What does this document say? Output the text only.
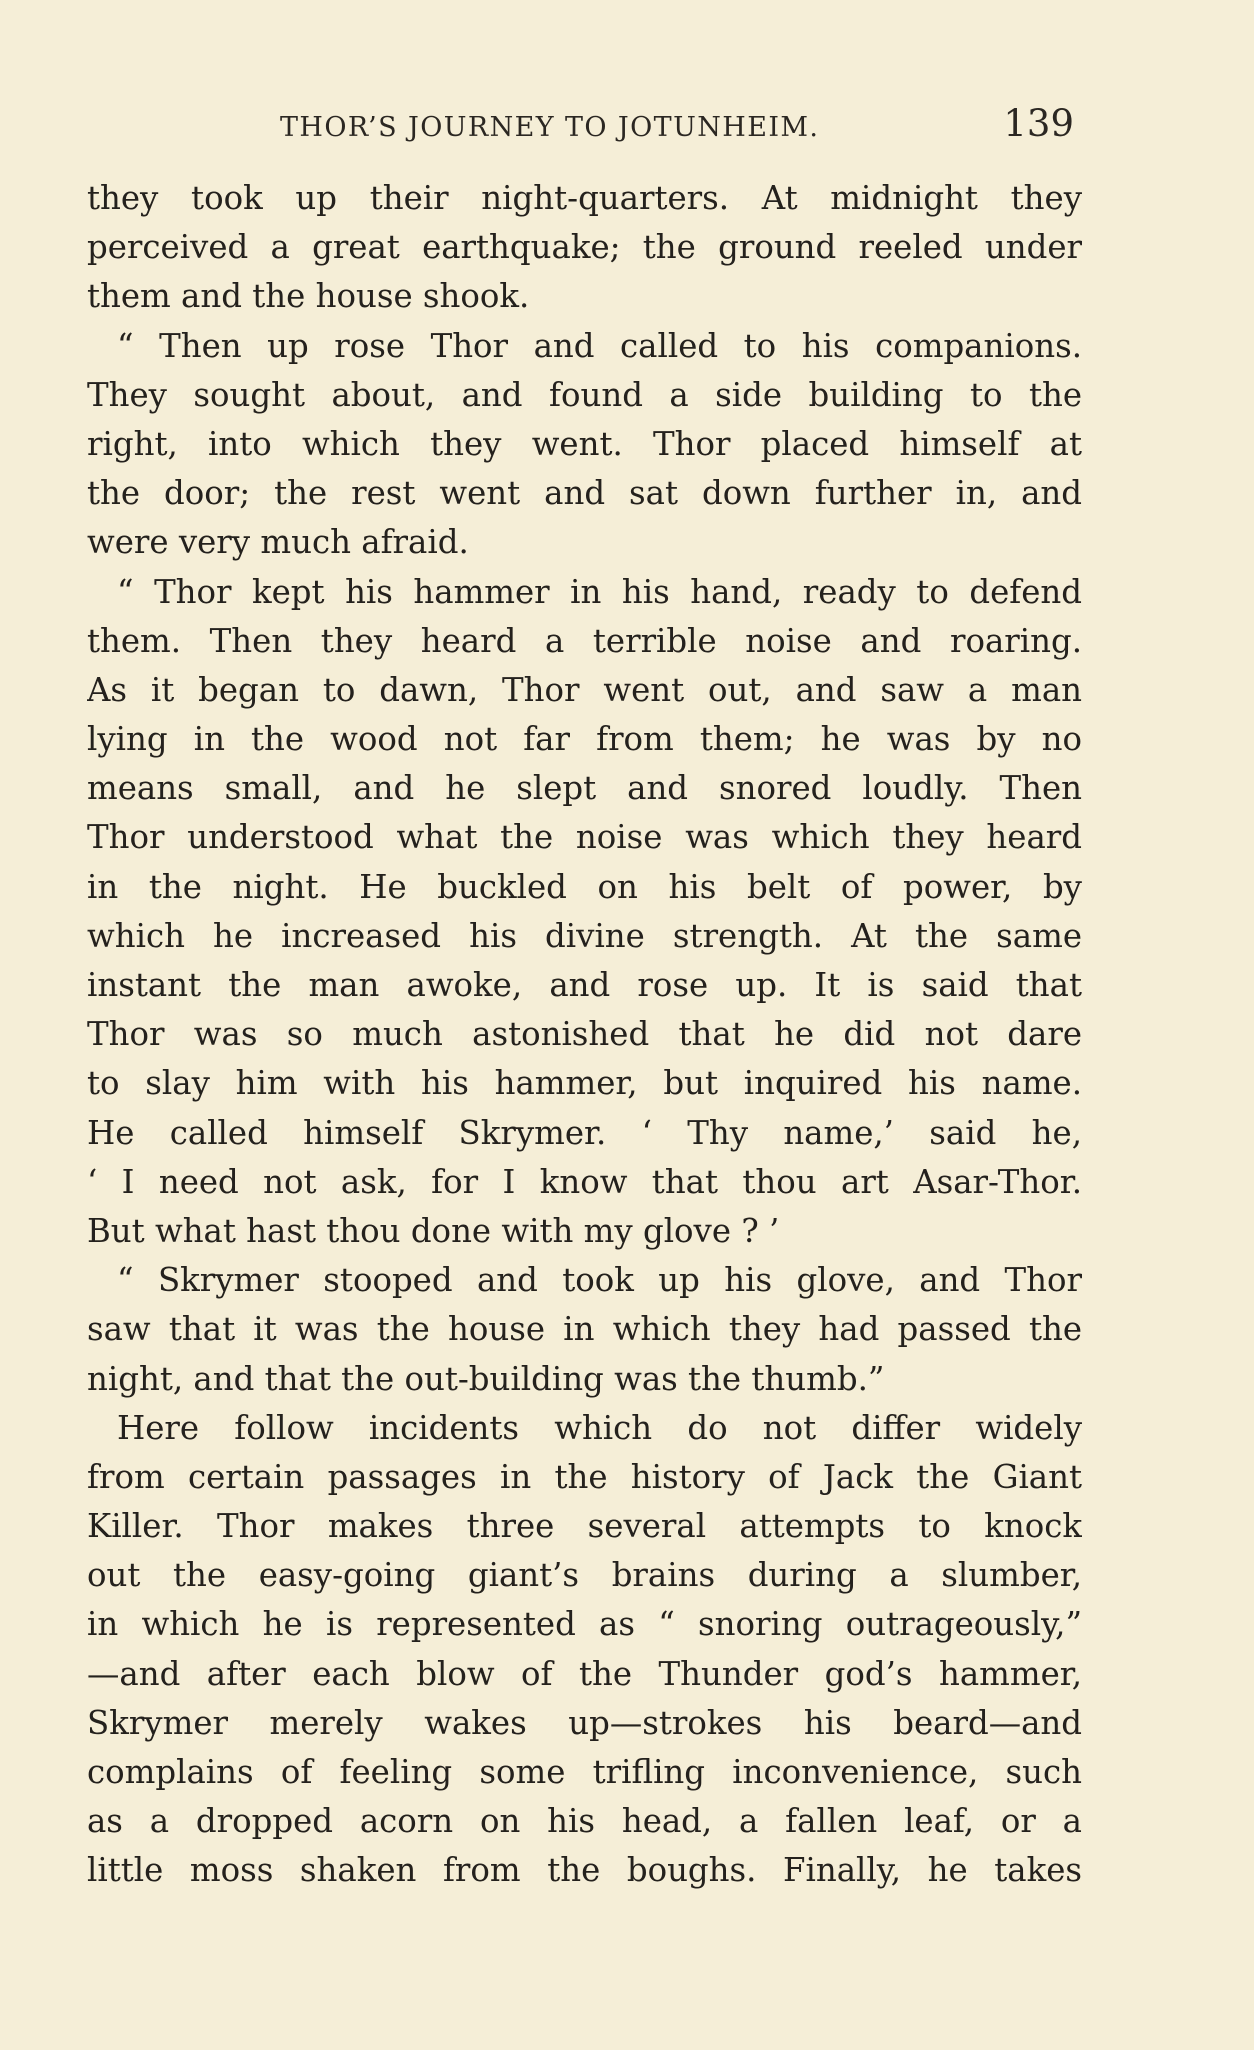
THOR’S JOURNEY TO JOTUNHEIM.	139
they took up their night-quarters. At midnight they
perceived a great earthquake; the ground reeled under
them and the house shook.
“ Then up rose Thor and called to his companions.
They sought about, and found a side building to the
right, into which they went. Thor placed himself at
the door; the rest went and sat down further in, and
were very much afraid.
“ Thor kept his hammer in his hand, ready to defend
them. Then they heard a terrible noise and roaring.
As it began to dawn, Thor went out, and saw a man
lying in the wood not far from them; he was by no
means small, and he slept and snored loudly. Then
Thor understood what the noise was which they heard
in the night. He buckled on his belt of power, by
which he increased his divine strength. At the same
instant the man awoke, and rose up. It is said that
Thor was so much astonished that he did not dare
to slay him with his hammer, but inquired his name.
He called himself Skrymer. ‘ Thy name,’ said he,
‘ I need not ask, for I know that thou art Asar-Thor.
But what hast thou done with my glove ? ’
“ Skrymer stooped and took up his glove, and Thor
saw that it was the house in which they had passed the
night, and that the out-building was the thumb.”
Here follow incidents which do not differ widely
from certain passages in the history of Jack the Giant
Killer. Thor makes three several attempts to knock
out the easy-going giant’s brains during a slumber,
in which he is represented as “ snoring outrageously,”
—and after each blow of the Thunder god’s hammer,
Skrymer merely wakes up—strokes his beard—and
complains of feeling some trifling inconvenience, such
as a dropped acorn on his head, a fallen leaf, or a
little moss shaken from the boughs. Finally, he takes
